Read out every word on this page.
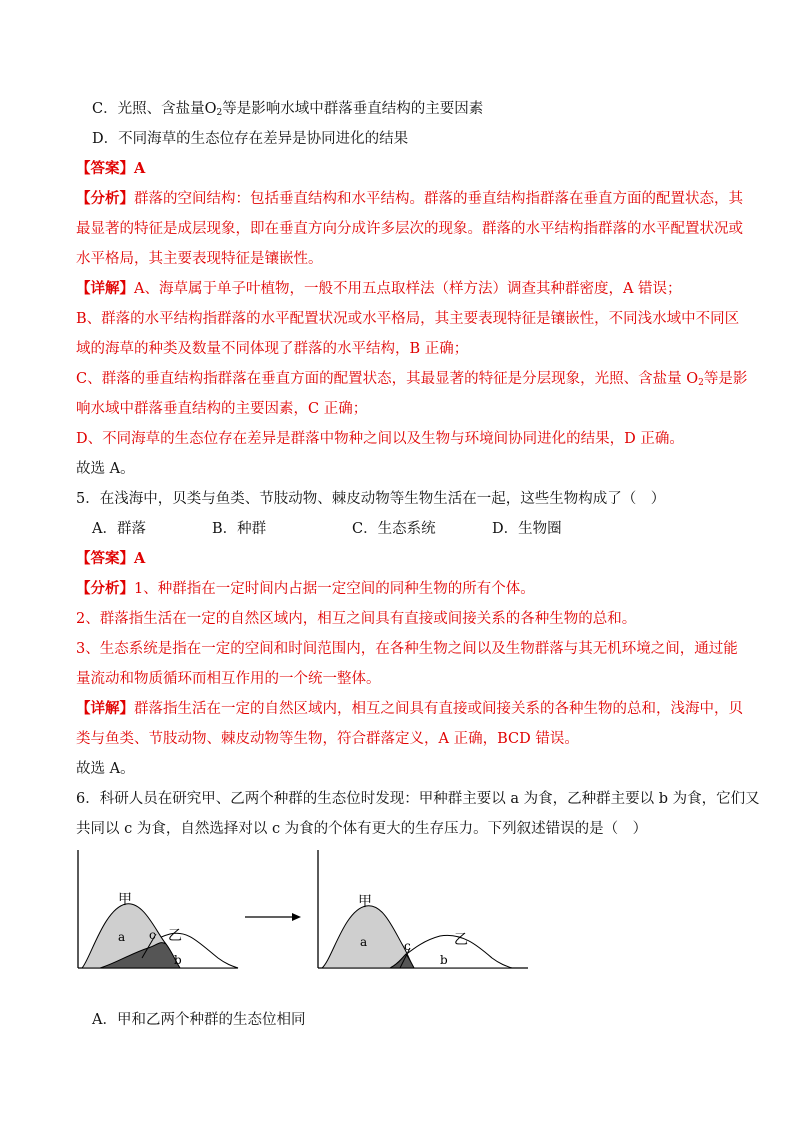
C．光照、含盐量$O_2$等是影响水域中群落垂直结构的主要因素
D．不同海草的生态位存在差异是协同进化的结果
【答案】A
【分析】群落的空间结构：包括垂直结构和水平结构。群落的垂直结构指群落在垂直方面的配置状态，其
最显著的特征是成层现象，即在垂直方向分成许多层次的现象。群落的水平结构指群落的水平配置状况或
水平格局，其主要表现特征是镶嵌性。
【详解】A、海草属于单子叶植物，一般不用五点取样法（样方法）调查其种群密度，A 错误；
B、群落的水平结构指群落的水平配置状况或水平格局，其主要表现特征是镶嵌性，不同浅水域中不同区
域的海草的种类及数量不同体现了群落的水平结构，B 正确；
C、群落的垂直结构指群落在垂直方面的配置状态，其最显著的特征是分层现象，光照、含盐量 $O_2$等是影
响水域中群落垂直结构的主要因素，C 正确；
D、不同海草的生态位存在差异是群落中物种之间以及生物与环境间协同进化的结果，D 正确。
故选 A。
5．在浅海中，贝类与鱼类、节肢动物、棘皮动物等生物生活在一起，这些生物构成了（　）
A．群落	B．种群	C．生态系统	D．生物圈
【答案】A
【分析】1、种群指在一定时间内占据一定空间的同种生物的所有个体。
2、群落指生活在一定的自然区域内，相互之间具有直接或间接关系的各种生物的总和。
3、生态系统是指在一定的空间和时间范围内，在各种生物之间以及生物群落与其无机环境之间，通过能
量流动和物质循环而相互作用的一个统一整体。
【详解】群落指生活在一定的自然区域内，相互之间具有直接或间接关系的各种生物的总和，浅海中，贝
类与鱼类、节肢动物、棘皮动物等生物，符合群落定义，A 正确，BCD 错误。
故选 A。
6．科研人员在研究甲、乙两个种群的生态位时发现：甲种群主要以 a 为食，乙种群主要以 b 为食，它们又
共同以 c 为食，自然选择对以 c 为食的个体有更大的生存压力。下列叙述错误的是（　）
甲
a c 乙
b
甲
a	c	乙
b
A．甲和乙两个种群的生态位相同
